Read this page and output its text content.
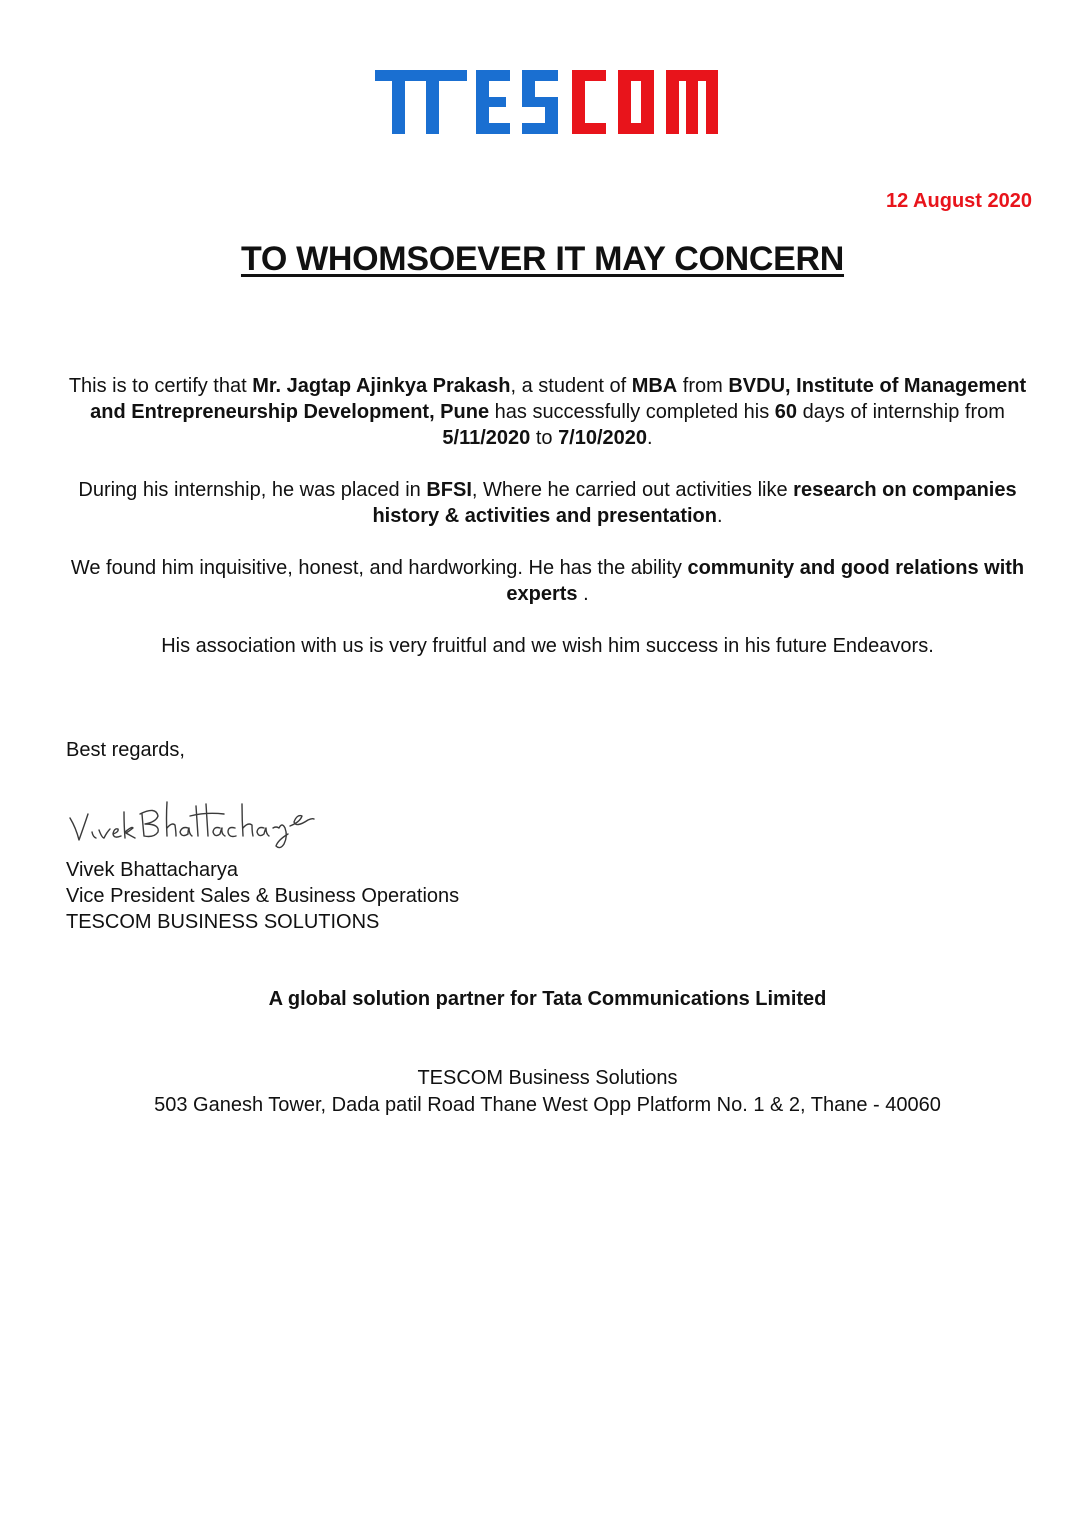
12 August 2020
TO WHOMSOEVER IT MAY CONCERN

This is to certify that Mr. Jagtap Ajinkya Prakash, a student of MBA from BVDU, Institute of Management and Entrepreneurship Development, Pune has successfully completed his 60 days of internship from 5/11/2020 to 7/10/2020.

During his internship, he was placed in BFSI, Where he carried out activities like research on companies history & activities and presentation.

We found him inquisitive, honest, and hardworking. He has the ability community and good relations with experts .

His association with us is very fruitful and we wish him success in his future Endeavors.

Best regards,

Vivek Bhattacharya
Vice President Sales & Business Operations
TESCOM BUSINESS SOLUTIONS

A global solution partner for Tata Communications Limited

TESCOM Business Solutions
503 Ganesh Tower, Dada patil Road Thane West Opp Platform No. 1 & 2, Thane - 40060
